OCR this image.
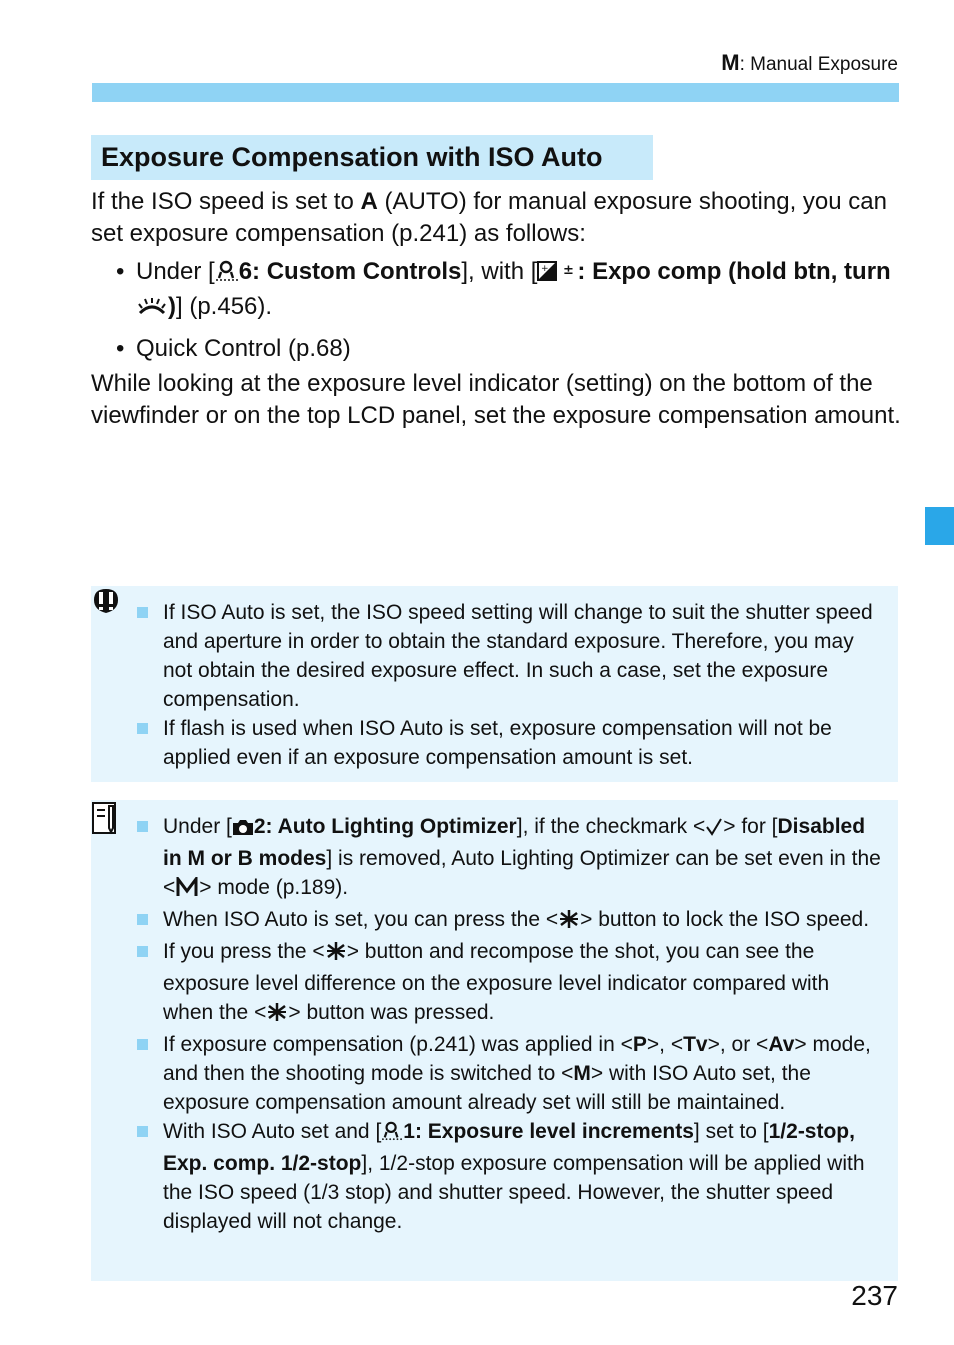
M: Manual Exposure
Exposure Compensation with ISO Auto
If the ISO speed is set to A (AUTO) for manual exposure shooting, you can set exposure compensation (p.241) as follows:
• Under [ 6: Custom Controls], with [ + ± : Expo comp (hold btn, turn )] (p.456).
• Quick Control (p.68)
While looking at the exposure level indicator (setting) on the bottom of the viewfinder or on the top LCD panel, set the exposure compensation amount.
If ISO Auto is set, the ISO speed setting will change to suit the shutter speed and aperture in order to obtain the standard exposure. Therefore, you may not obtain the desired exposure effect. In such a case, set the exposure compensation.
If flash is used when ISO Auto is set, exposure compensation will not be applied even if an exposure compensation amount is set.
Under [ 2: Auto Lighting Optimizer], if the checkmark < > for [Disabled in M or B modes] is removed, Auto Lighting Optimizer can be set even in the < > mode (p.189).
When ISO Auto is set, you can press the < > button to lock the ISO speed.
If you press the < > button and recompose the shot, you can see the exposure level difference on the exposure level indicator compared with when the < > button was pressed.
If exposure compensation (p.241) was applied in <P>, <Tv>, or <Av> mode, and then the shooting mode is switched to <M> with ISO Auto set, the exposure compensation amount already set will still be maintained.
With ISO Auto set and [ 1: Exposure level increments] set to [1/2-stop, Exp. comp. 1/2-stop], 1/2-stop exposure compensation will be applied with the ISO speed (1/3 stop) and shutter speed. However, the shutter speed displayed will not change.
237
